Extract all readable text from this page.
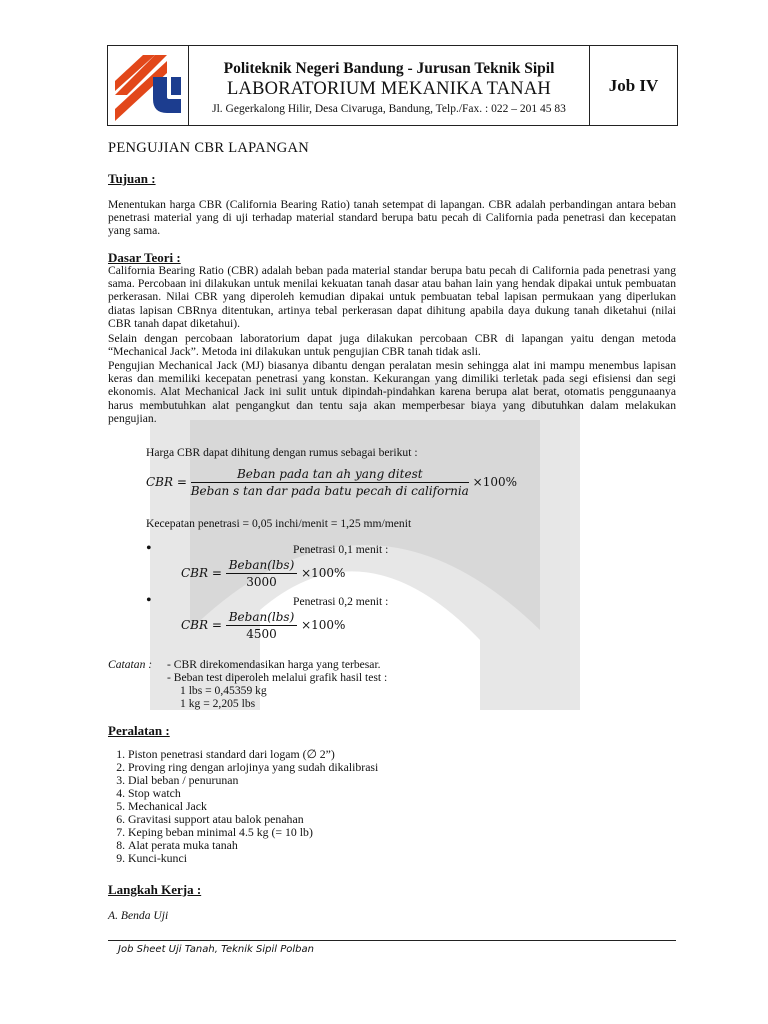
Politeknik Negeri Bandung - Jurusan Teknik Sipil
LABORATORIUM MEKANIKA TANAH
Jl. Gegerkalong Hilir, Desa Civaruga, Bandung, Telp./Fax. : 022 – 201 45 83
Job IV
PENGUJIAN CBR LAPANGAN
Tujuan :
Menentukan harga CBR (California Bearing Ratio) tanah setempat di lapangan. CBR adalah perbandingan antara beban penetrasi material yang di uji terhadap material standard berupa batu pecah di California pada penetrasi dan kecepatan yang sama.
Dasar Teori :
California Bearing Ratio (CBR) adalah beban pada material standar berupa batu pecah di California pada penetrasi yang sama. Percobaan ini dilakukan untuk menilai kekuatan tanah dasar atau bahan lain yang hendak dipakai untuk pembuatan perkerasan. Nilai CBR yang diperoleh kemudian dipakai untuk pembuatan tebal lapisan permukaan yang diperlukan diatas lapisan CBRnya ditentukan, artinya tebal perkerasan dapat dihitung apabila daya dukung tanah diketahui (nilai CBR tanah dapat diketahui).
Selain dengan percobaan laboratorium dapat juga dilakukan percobaan CBR di lapangan yaitu dengan metoda “Mechanical Jack”. Metoda ini dilakukan untuk pengujian CBR tanah tidak asli.
Pengujian Mechanical Jack (MJ) biasanya dibantu dengan peralatan mesin sehingga alat ini mampu menembus lapisan keras dan memiliki kecepatan penetrasi yang konstan. Kekurangan yang dimiliki terletak pada segi efisiensi dan segi ekonomis. Alat Mechanical Jack ini sulit untuk dipindah-pindahkan karena berupa alat berat, otomatis penggunaanya harus membutuhkan alat pengangkut dan tentu saja akan memperbesar biaya yang dibutuhkan dalam melakukan pengujian.
Harga CBR dapat dihitung dengan rumus sebagai berikut :
CBR = $\frac{\text{Beban pada tan ah yang ditest}}{\text{Beban s tan dar pada batu pecah di california}} \times 100\%$
Kecepatan penetrasi = 0,05 inchi/menit = 1,25 mm/menit
•	Penetrasi 0,1 menit :
CBR = $\frac{\text{Beban(lbs)}}{3000} \times 100\%$
•	Penetrasi 0,2 menit :
CBR = $\frac{\text{Beban(lbs)}}{4500} \times 100\%$
Catatan : - CBR direkomendasikan harga yang terbesar.
- Beban test diperoleh melalui grafik hasil test :
1 lbs = 0,45359 kg
1 kg = 2,205 lbs
Peralatan :
1. Piston penetrasi standard dari logam (∅ 2”)
2. Proving ring dengan arlojinya yang sudah dikalibrasi
3. Dial beban / penurunan
4. Stop watch
5. Mechanical Jack
6. Gravitasi support atau balok penahan
7. Keping beban minimal 4.5 kg (= 10 lb)
8. Alat perata muka tanah
9. Kunci-kunci
Langkah Kerja :
A. Benda Uji
Job Sheet Uji Tanah, Teknik Sipil Polban
